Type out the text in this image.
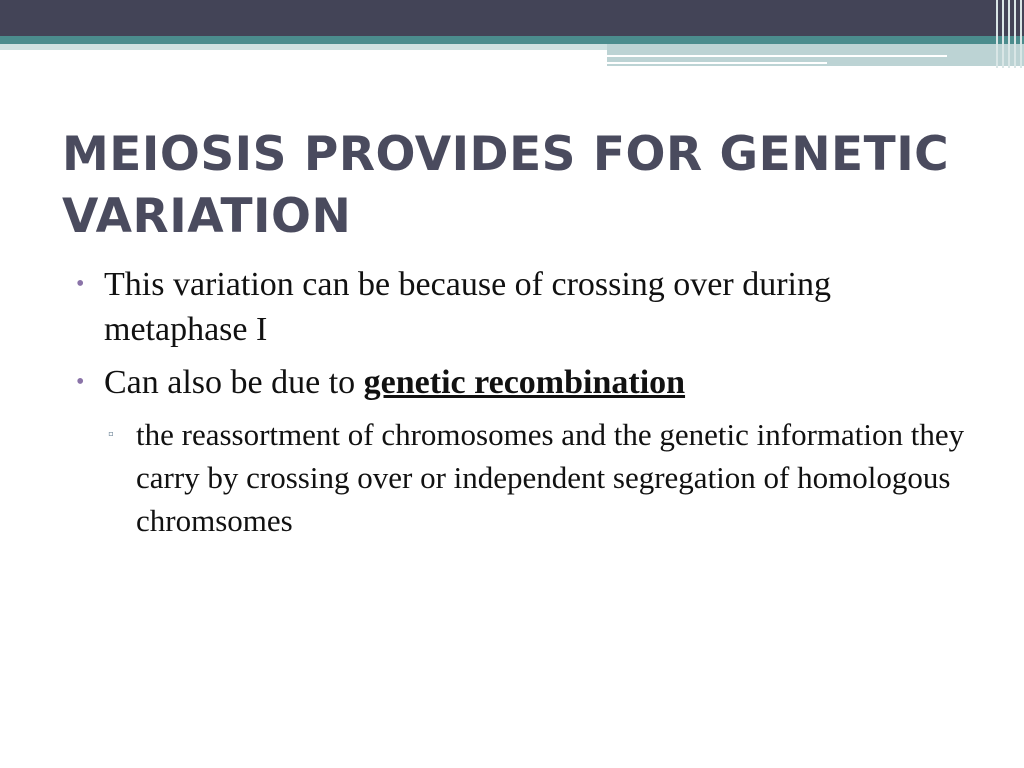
MEIOSIS PROVIDES FOR GENETIC VARIATION
• This variation can be because of crossing over during metaphase I
• Can also be due to genetic recombination
▫ the reassortment of chromosomes and the genetic information they carry by crossing over or independent segregation of homologous chromsomes
